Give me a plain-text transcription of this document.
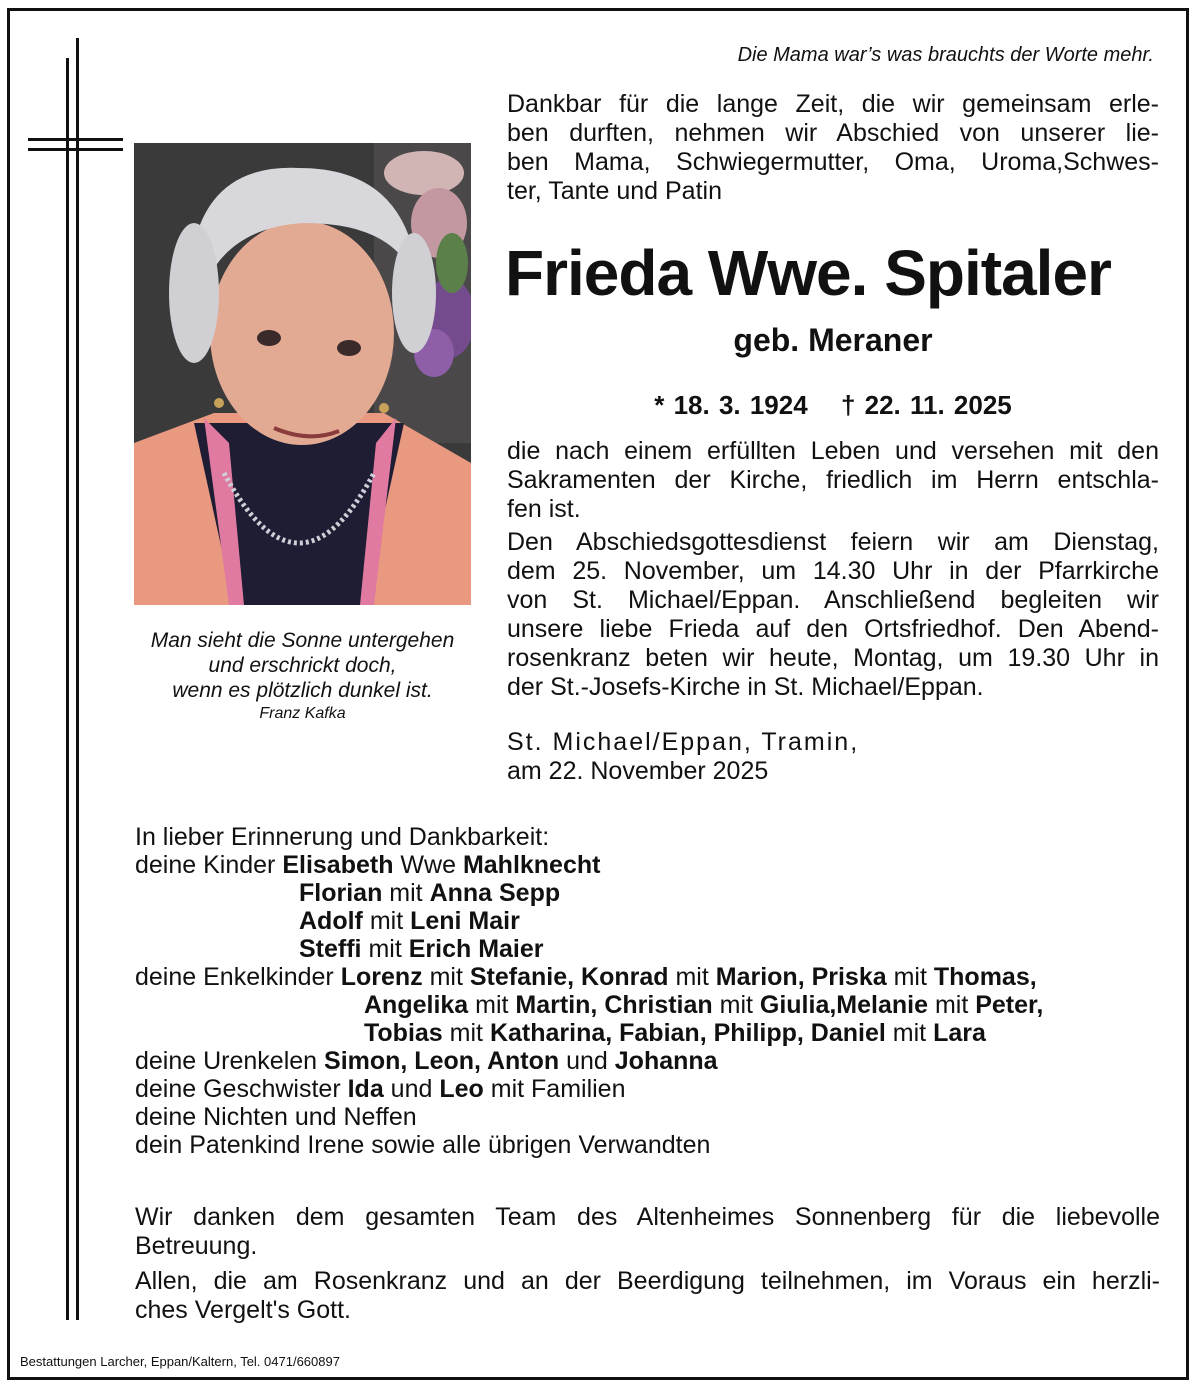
Die Mama war’s was brauchts der Worte mehr.
Dankbar für die lange Zeit, die wir gemeinsam erle-
ben durften, nehmen wir Abschied von unserer lie-
ben Mama, Schwiegermutter, Oma, Uroma,Schwes-
ter, Tante und Patin
Frieda Wwe. Spitaler
geb. Meraner
* 18. 3. 1924 † 22. 11. 2025
die nach einem erfüllten Leben und versehen mit den
Sakramenten der Kirche, friedlich im Herrn entschla-
fen ist.
Den Abschiedsgottesdienst feiern wir am Dienstag,
dem 25. November, um 14.30 Uhr in der Pfarrkirche
von St. Michael/Eppan. Anschließend begleiten wir
unsere liebe Frieda auf den Ortsfriedhof. Den Abend-
rosenkranz beten wir heute, Montag, um 19.30 Uhr in
der St.-Josefs-Kirche in St. Michael/Eppan.
St. Michael/Eppan, Tramin,
am 22. November 2025
Man sieht die Sonne untergehen
und erschrickt doch,
wenn es plötzlich dunkel ist.
Franz Kafka
In lieber Erinnerung und Dankbarkeit:
deine Kinder Elisabeth Wwe Mahlknecht
Florian mit Anna Sepp
Adolf mit Leni Mair
Steffi mit Erich Maier
deine Enkelkinder Lorenz mit Stefanie, Konrad mit Marion, Priska mit Thomas,
Angelika mit Martin, Christian mit Giulia,Melanie mit Peter,
Tobias mit Katharina, Fabian, Philipp, Daniel mit Lara
deine Urenkelen Simon, Leon, Anton und Johanna
deine Geschwister Ida und Leo mit Familien
deine Nichten und Neffen
dein Patenkind Irene sowie alle übrigen Verwandten

Wir danken dem gesamten Team des Altenheimes Sonnenberg für die liebevolle
Betreuung.

Allen, die am Rosenkranz und an der Beerdigung teilnehmen, im Voraus ein herzli-
ches Vergelt's Gott.

Bestattungen Larcher, Eppan/Kaltern, Tel. 0471/660897
